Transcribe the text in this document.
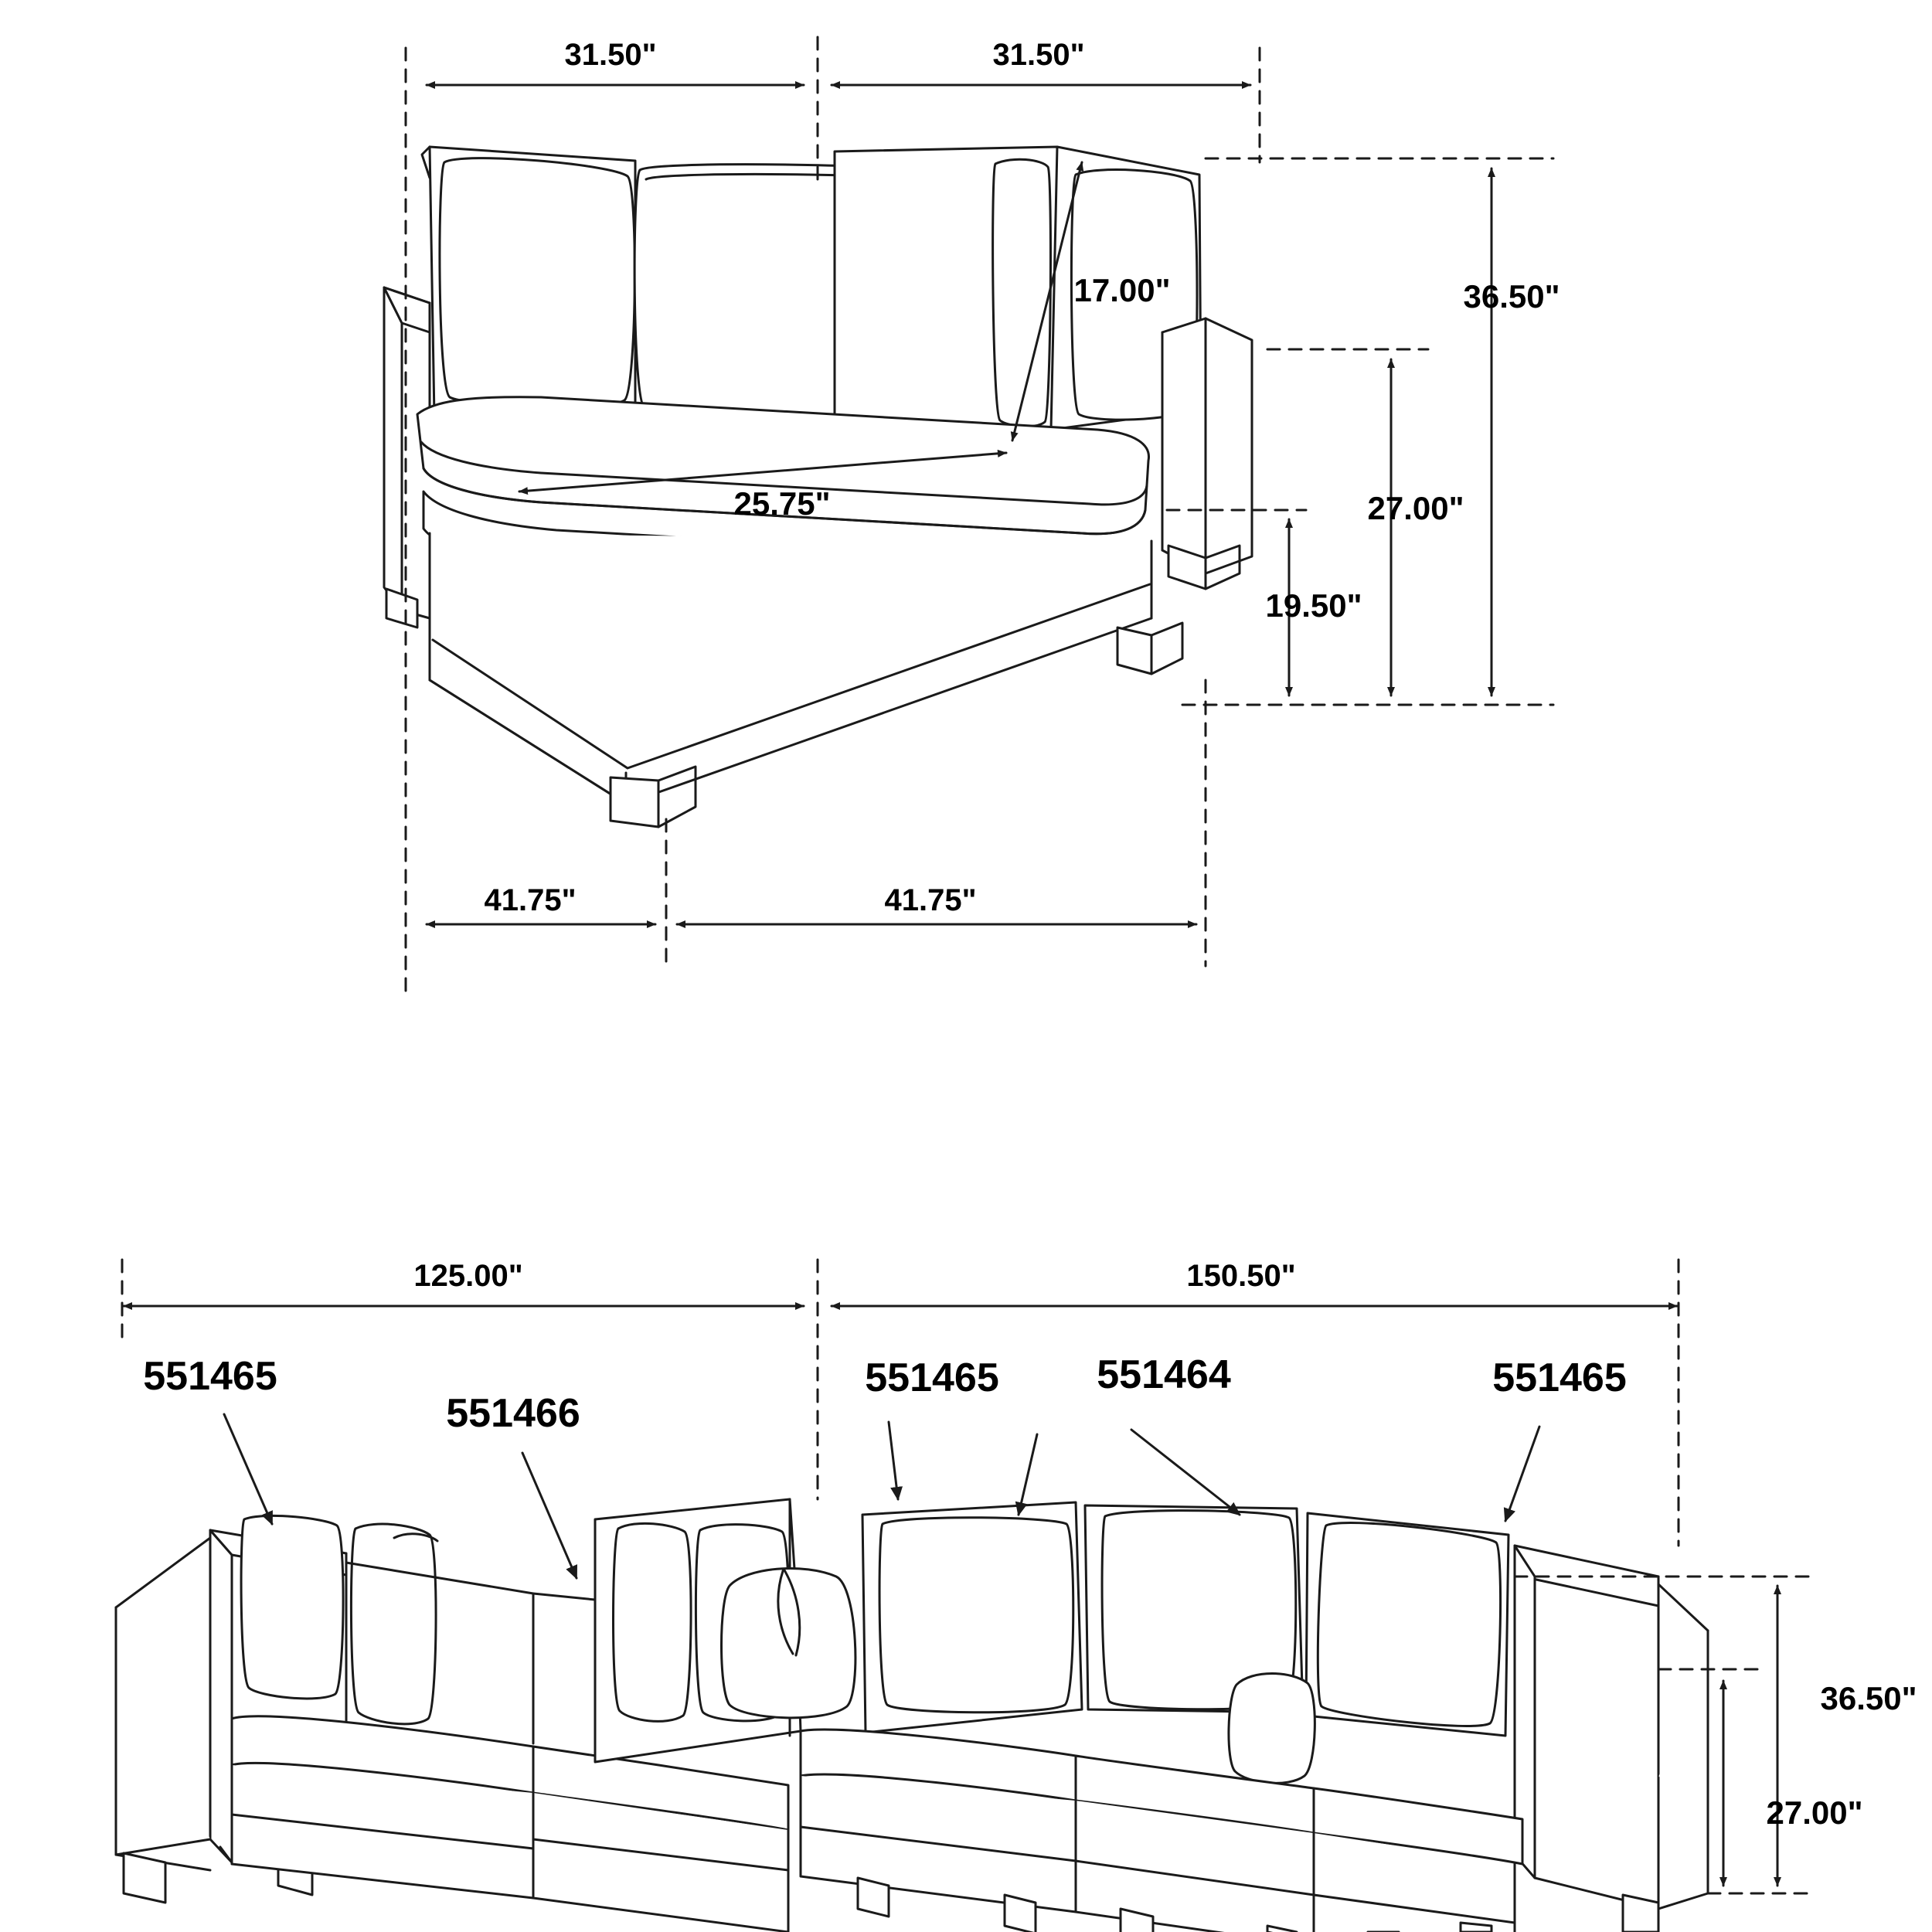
31.50"	31.50"
17.00"
25.75"
36.50"
27.00"
19.50"
41.75"	41.75"
125.00"	150.50"
36.50"
27.00"
551465
551466
551465 551464	551465
